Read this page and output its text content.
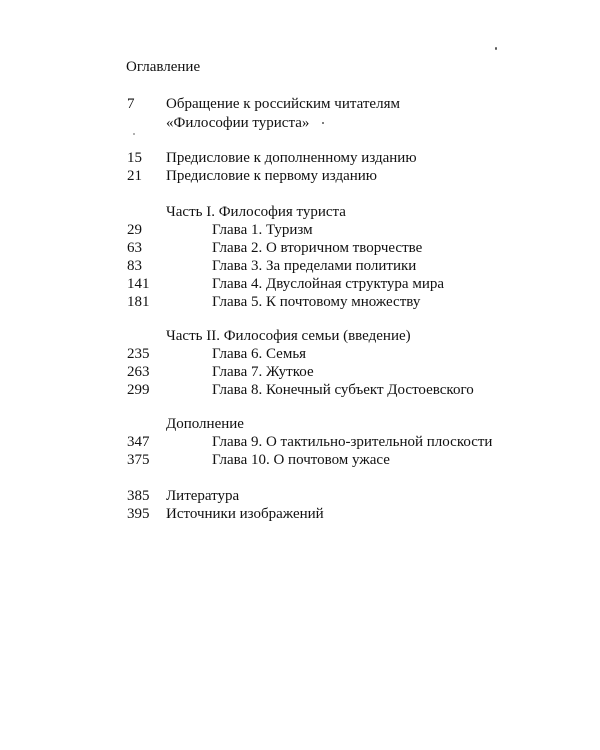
Оглавление
7 Обращение к российским читателям
«Философии туриста»
15 Предисловие к дополненному изданию
21 Предисловие к первому изданию
Часть I. Философия туриста
29	Глава 1. Туризм
63	Глава 2. О вторичном творчестве
83	Глава 3. За пределами политики
141	Глава 4. Двуслойная структура мира
181	Глава 5. К почтовому множеству
Часть II. Философия семьи (введение)
235	Глава 6. Семья
263	Глава 7. Жуткое
299	Глава 8. Конечный субъект Достоевского
Дополнение
347	Глава 9. О тактильно-зрительной плоскости
375	Глава 10. О почтовом ужасе
385 Литература
395 Источники изображений
